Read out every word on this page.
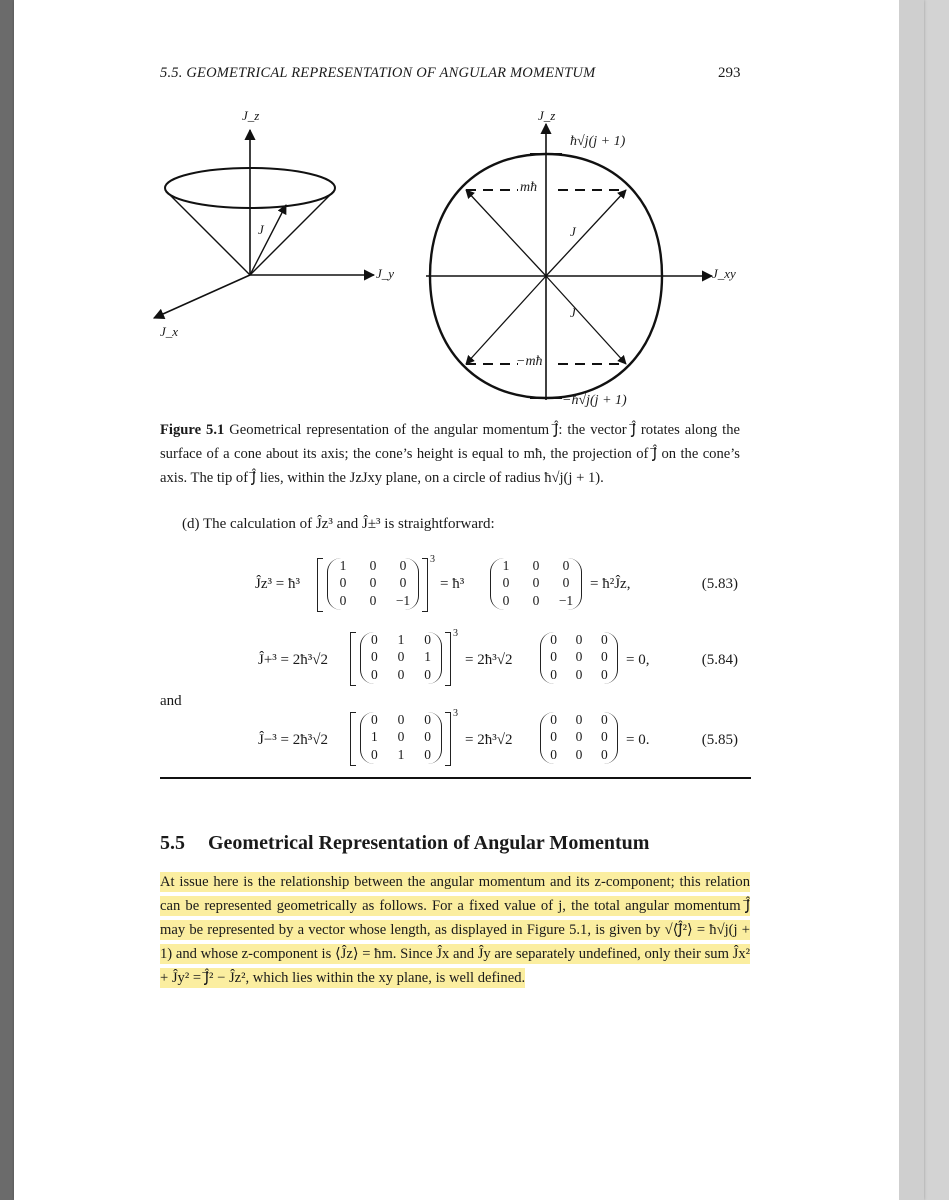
5.5. GEOMETRICAL REPRESENTATION OF ANGULAR MOMENTUM	293
J_z
J_y
J_x
J⃗
J_z
J_xy
J⃗
J⃗
ħ√j(j + 1)
−ħ√j(j + 1)
mħ
−mħ
Figure 5.1 Geometrical representation of the angular momentum Ĵ⃗: the vector Ĵ⃗ rotates along the surface of a cone about its axis; the cone’s height is equal to mħ, the projection of Ĵ⃗ on the cone’s axis. The tip of Ĵ⃗ lies, within the JzJxy plane, on a circle of radius ħ√j(j + 1).
(d) The calculation of Ĵz³ and Ĵ±³ is straightforward:
Ĵz³ = ħ³
1	0	0
0	0	0
0	0	−1
3
= ħ³
1	0	0
0	0	0
0	0	−1
= ħ²Ĵz,	(5.83)
Ĵ+³ = 2ħ³√2
0	1	0
0	0	1
0	0	0
3
= 2ħ³√2
0	0	0
0	0	0
0	0	0
= 0,	(5.84)
and
Ĵ−³ = 2ħ³√2
0	0	0
1	0	0
0	1	0
3
= 2ħ³√2
0	0	0
0	0	0
0	0	0
= 0.	(5.85)
5.5 Geometrical Representation of Angular Momentum
At issue here is the relationship between the angular momentum and its z-component; this relation can be represented geometrically as follows. For a fixed value of j, the total angular momentum Ĵ⃗ may be represented by a vector whose length, as displayed in Figure 5.1, is given by √⟨Ĵ⃗²⟩ = ħ√j(j + 1) and whose z-component is ⟨Ĵz⟩ = ħm. Since Ĵx and Ĵy are separately undefined, only their sum Ĵx² + Ĵy² = Ĵ⃗² − Ĵz², which lies within the xy plane, is well defined.
